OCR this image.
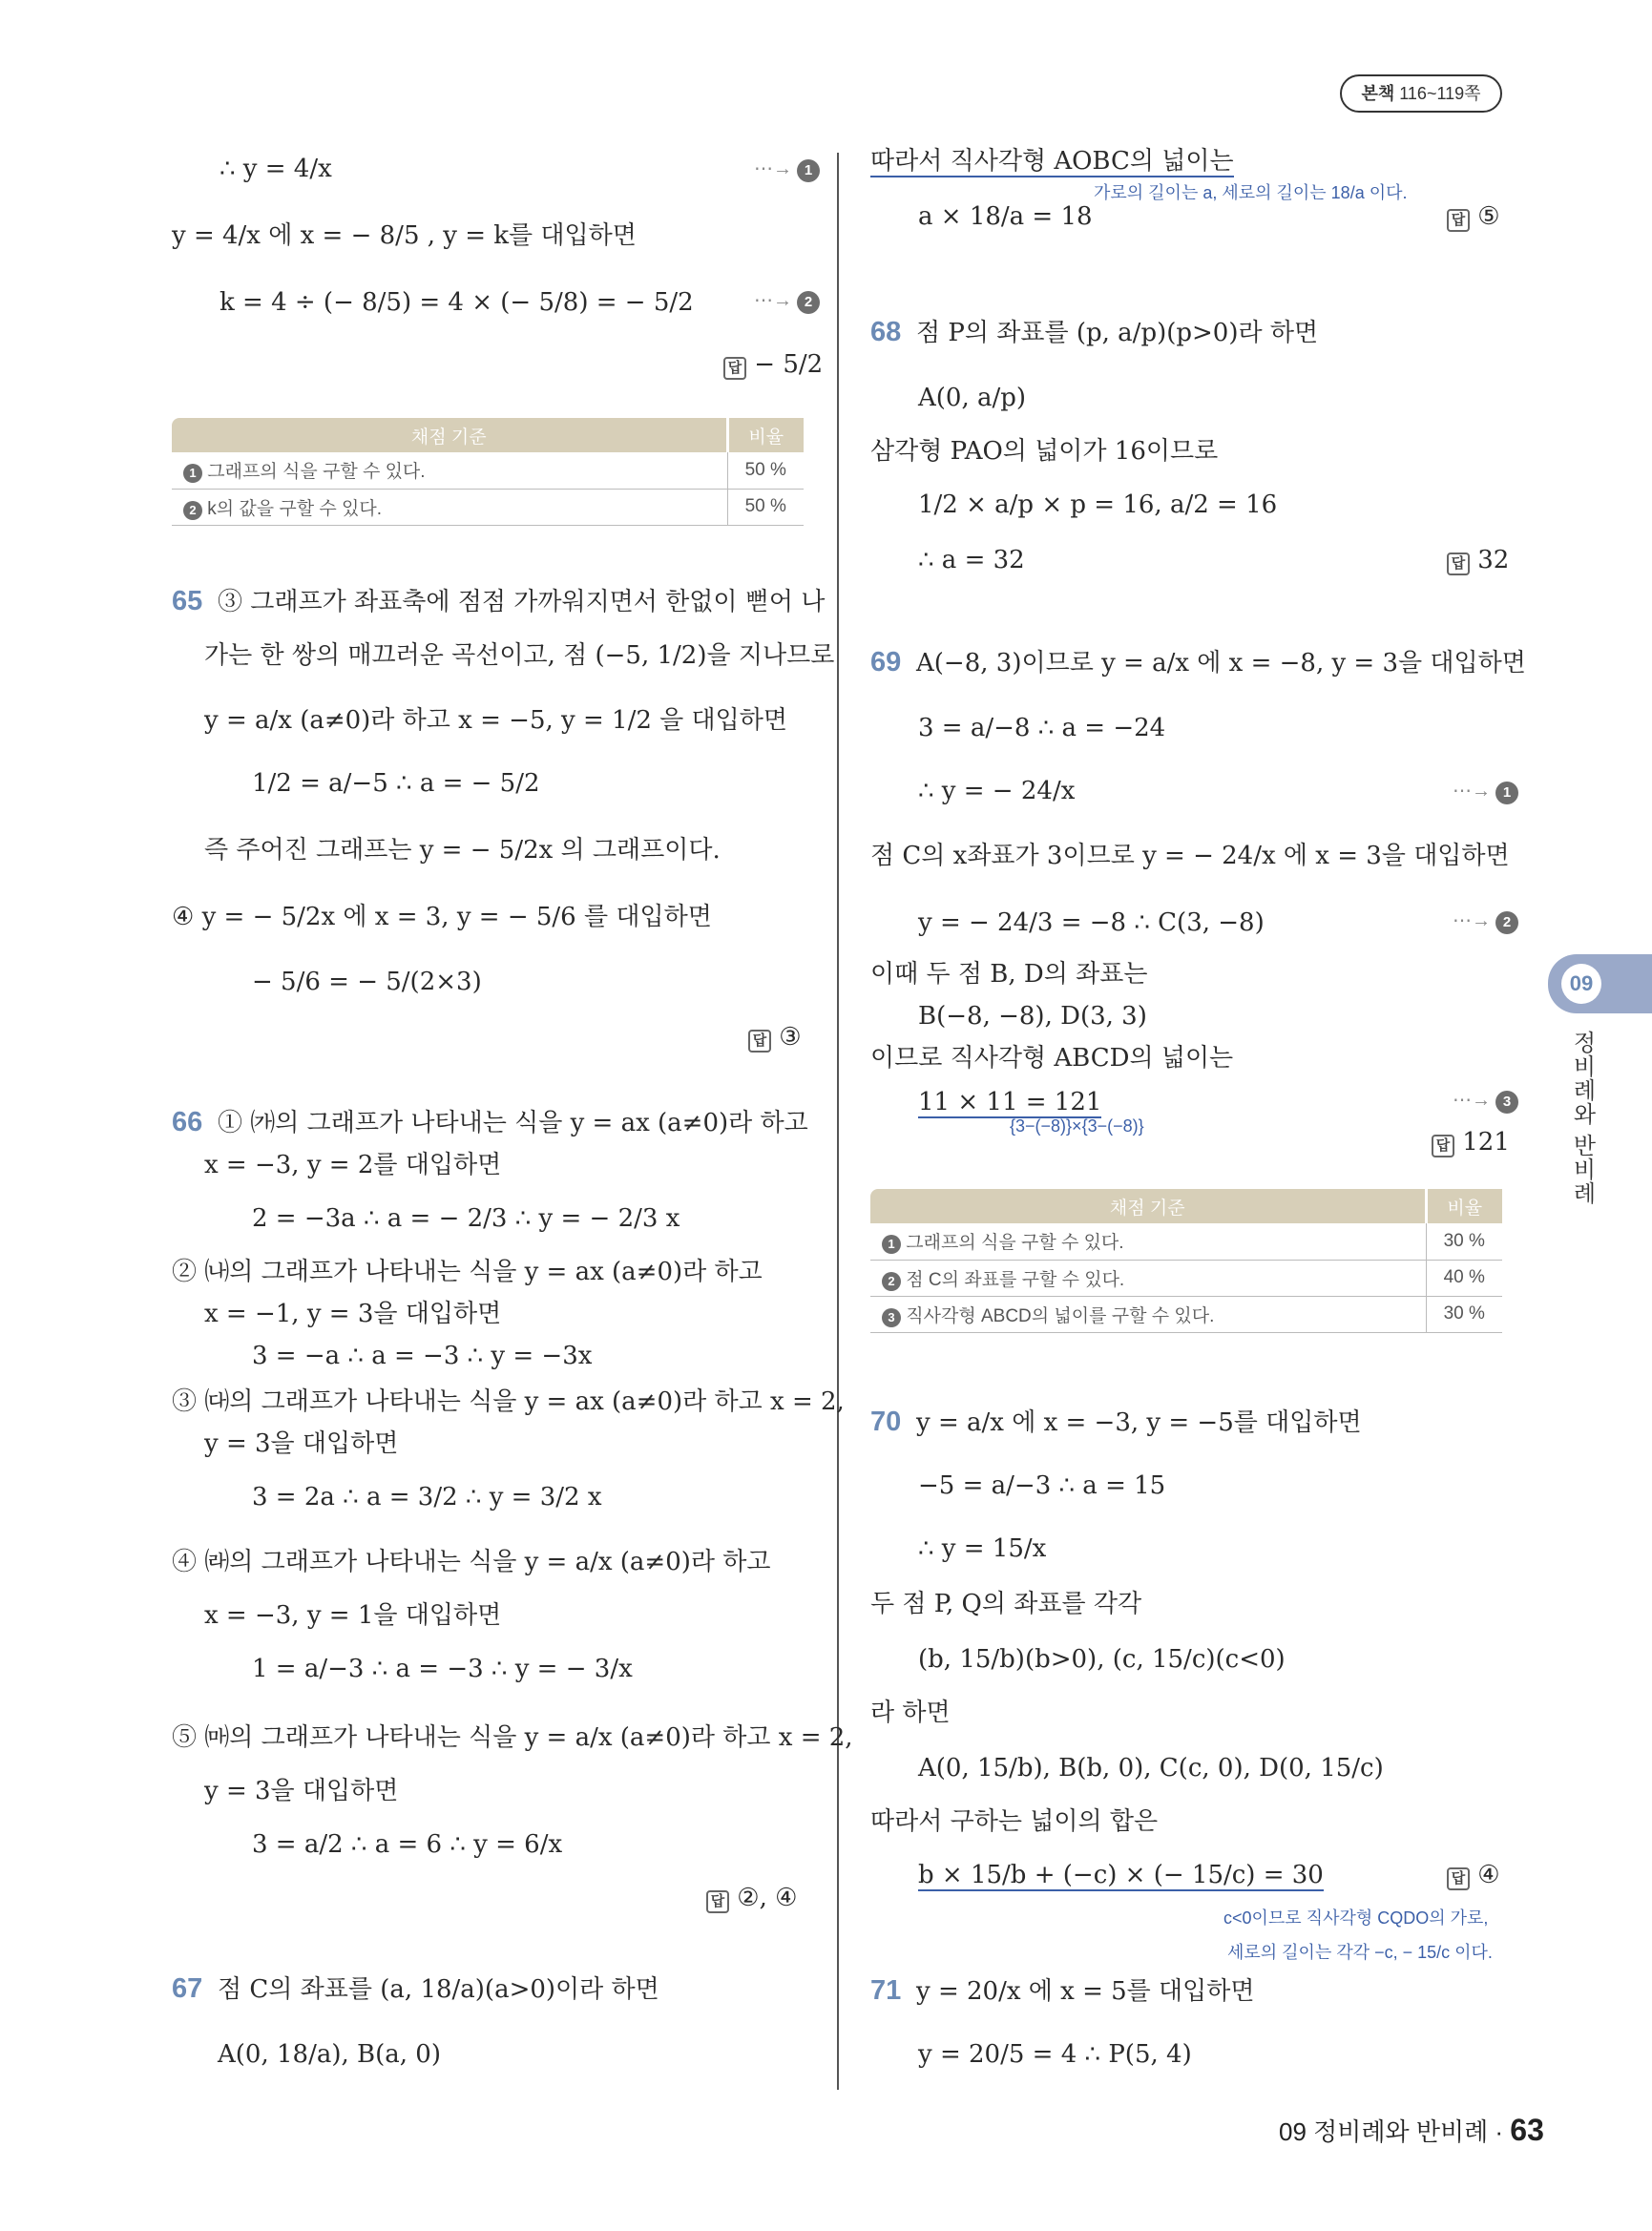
본책 116~119쪽
∴ y = 4/x	⋯→ 1
y = 4/x 에 x = − 8/5 , y = k를 대입하면
k = 4 ÷ (− 8/5) = 4 × (− 5/8) = − 5/2	⋯→ 2
답 − 5/2
채점 기준	비율
1 그래프의 식을 구할 수 있다.	50 %
2 k의 값을 구할 수 있다.	50 %
65 ③ 그래프가 좌표축에 점점 가까워지면서 한없이 뻗어 나
가는 한 쌍의 매끄러운 곡선이고, 점 (−5, 1/2)을 지나므로
y = a/x (a≠0)라 하고 x = −5, y = 1/2 을 대입하면
1/2 = a/−5 ∴ a = − 5/2
즉 주어진 그래프는 y = − 5/2x 의 그래프이다.
④ y = − 5/2x 에 x = 3, y = − 5/6 를 대입하면
− 5/6 = − 5/(2×3)
답 ③
66 ① ㈎의 그래프가 나타내는 식을 y = ax (a≠0)라 하고
x = −3, y = 2를 대입하면
2 = −3a ∴ a = − 2/3 ∴ y = − 2/3 x
② ㈏의 그래프가 나타내는 식을 y = ax (a≠0)라 하고
x = −1, y = 3을 대입하면
3 = −a ∴ a = −3 ∴ y = −3x
③ ㈐의 그래프가 나타내는 식을 y = ax (a≠0)라 하고 x = 2,
y = 3을 대입하면
3 = 2a ∴ a = 3/2 ∴ y = 3/2 x
④ ㈑의 그래프가 나타내는 식을 y = a/x (a≠0)라 하고
x = −3, y = 1을 대입하면
1 = a/−3 ∴ a = −3 ∴ y = − 3/x
⑤ ㈒의 그래프가 나타내는 식을 y = a/x (a≠0)라 하고 x = 2,
y = 3을 대입하면
3 = a/2 ∴ a = 6 ∴ y = 6/x
답 ②, ④
67 점 C의 좌표를 (a, 18/a)(a>0)이라 하면
A(0, 18/a), B(a, 0)
따라서 직사각형 AOBC의 넓이는
가로의 길이는 a, 세로의 길이는 18/a 이다.
a × 18/a = 18	답 ⑤
68 점 P의 좌표를 (p, a/p)(p>0)라 하면
A(0, a/p)
삼각형 PAO의 넓이가 16이므로
1/2 × a/p × p = 16, a/2 = 16
∴ a = 32	답 32
69 A(−8, 3)이므로 y = a/x 에 x = −8, y = 3을 대입하면
3 = a/−8 ∴ a = −24
∴ y = − 24/x	⋯→ 1
점 C의 x좌표가 3이므로 y = − 24/x 에 x = 3을 대입하면
y = − 24/3 = −8 ∴ C(3, −8)	⋯→ 2
이때 두 점 B, D의 좌표는
B(−8, −8), D(3, 3)
이므로 직사각형 ABCD의 넓이는
11 × 11 = 121
{3−(−8)}×{3−(−8)}
⋯→ 3
답 121
채점 기준	비율
1 그래프의 식을 구할 수 있다.	30 %
2 점 C의 좌표를 구할 수 있다.	40 %
3 직사각형 ABCD의 넓이를 구할 수 있다.	30 %
70 y = a/x 에 x = −3, y = −5를 대입하면
−5 = a/−3 ∴ a = 15
∴ y = 15/x
두 점 P, Q의 좌표를 각각
(b, 15/b)(b>0), (c, 15/c)(c<0)
라 하면
A(0, 15/b), B(b, 0), C(c, 0), D(0, 15/c)
따라서 구하는 넓이의 합은
b × 15/b + (−c) × (− 15/c) = 30	답 ④
c<0이므로 직사각형 CQDO의 가로,
세로의 길이는 각각 −c, − 15/c 이다.
71 y = 20/x 에 x = 5를 대입하면
y = 20/5 = 4 ∴ P(5, 4)
09
정비례와 반비례
09 정비례와 반비례 · 63
